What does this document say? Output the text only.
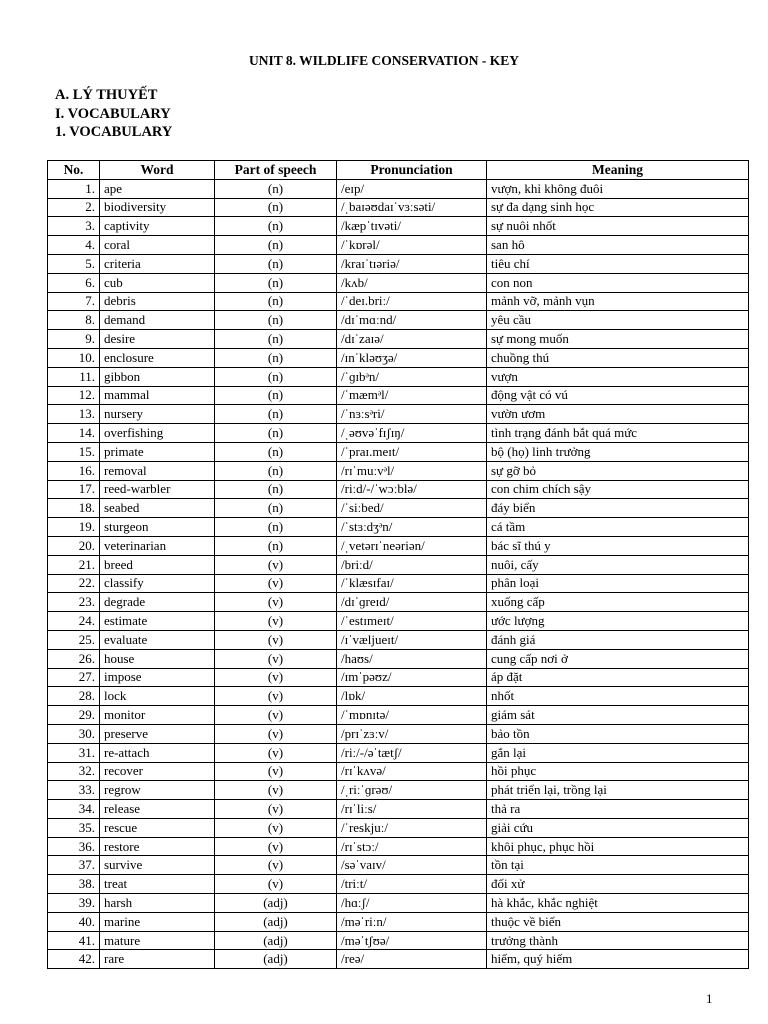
UNIT 8. WILDLIFE CONSERVATION - KEY
A. LÝ THUYẾT
I. VOCABULARY
1. VOCABULARY
No.	Word	Part of speech	Pronunciation	Meaning
1.	ape	(n)	/eɪp/	vượn, khỉ không đuôi
2.	biodiversity	(n)	/ˌbaɪəʊdaɪˈvɜːsəti/	sự đa dạng sinh học
3.	captivity	(n)	/kæpˈtɪvəti/	sự nuôi nhốt
4.	coral	(n)	/ˈkɒrəl/	san hô
5.	criteria	(n)	/kraɪˈtɪəriə/	tiêu chí
6.	cub	(n)	/kʌb/	con non
7.	debris	(n)	/ˈdeɪ.briː/	mảnh vỡ, mảnh vụn
8.	demand	(n)	/dɪˈmɑːnd/	yêu cầu
9.	desire	(n)	/dɪˈzaɪə/	sự mong muốn
10.	enclosure	(n)	/ɪnˈkləʊʒə/	chuồng thú
11.	gibbon	(n)	/ˈɡɪbᵊn/	vượn
12.	mammal	(n)	/ˈmæmᵊl/	động vật có vú
13.	nursery	(n)	/ˈnɜːsᵊri/	vườn ươm
14.	overfishing	(n)	/ˌəʊvəˈfɪʃɪŋ/	tình trạng đánh bắt quá mức
15.	primate	(n)	/ˈpraɪ.meɪt/	bộ (họ) linh trưởng
16.	removal	(n)	/rɪˈmuːvᵊl/	sự gỡ bỏ
17.	reed-warbler	(n)	/riːd/-/ˈwɔːblə/	con chim chích sậy
18.	seabed	(n)	/ˈsiːbed/	đáy biển
19.	sturgeon	(n)	/ˈstɜːdʒᵊn/	cá tầm
20.	veterinarian	(n)	/ˌvetərɪˈneəriən/	bác sĩ thú y
21.	breed	(v)	/briːd/	nuôi, cấy
22.	classify	(v)	/ˈklæsɪfaɪ/	phân loại
23.	degrade	(v)	/dɪˈɡreɪd/	xuống cấp
24.	estimate	(v)	/ˈestɪmeɪt/	ước lượng
25.	evaluate	(v)	/ɪˈvæljueɪt/	đánh giá
26.	house	(v)	/haʊs/	cung cấp nơi ở
27.	impose	(v)	/ɪmˈpəʊz/	áp đặt
28.	lock	(v)	/lɒk/	nhốt
29.	monitor	(v)	/ˈmɒnɪtə/	giám sát
30.	preserve	(v)	/prɪˈzɜːv/	bảo tồn
31.	re-attach	(v)	/riː/-/əˈtætʃ/	gắn lại
32.	recover	(v)	/rɪˈkʌvə/	hồi phục
33.	regrow	(v)	/ˌriːˈɡrəʊ/	phát triển lại, trồng lại
34.	release	(v)	/rɪˈliːs/	thả ra
35.	rescue	(v)	/ˈreskjuː/	giải cứu
36.	restore	(v)	/rɪˈstɔː/	khôi phục, phục hồi
37.	survive	(v)	/səˈvaɪv/	tồn tại
38.	treat	(v)	/triːt/	đối xử
39.	harsh	(adj)	/hɑːʃ/	hà khắc, khắc nghiệt
40.	marine	(adj)	/məˈriːn/	thuộc về biển
41.	mature	(adj)	/məˈtʃʊə/	trưởng thành
42.	rare	(adj)	/reə/	hiếm, quý hiếm
1
